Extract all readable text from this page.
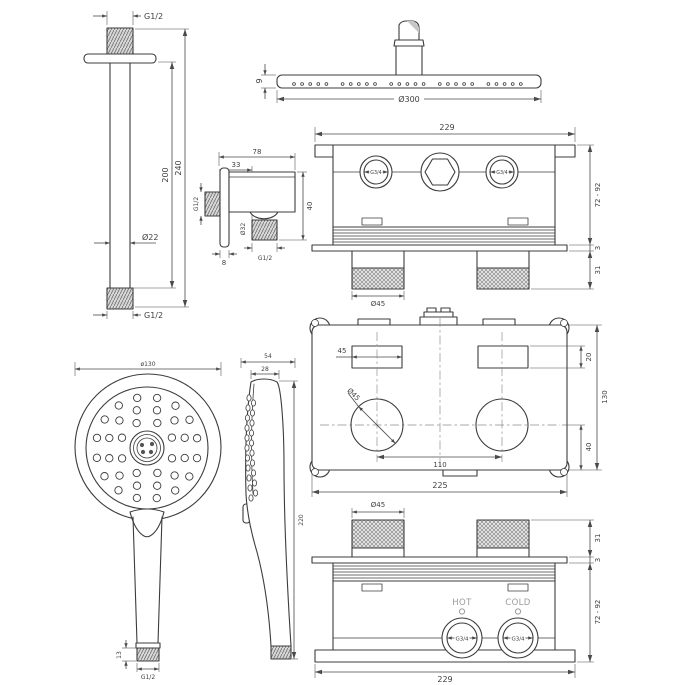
G1/2
240
200
Ø22
G1/2
9
Ø300
78
33
G1/2
Ø32
8
G1/2
40
229
G3/4	G3/4
Ø45
72 - 92
3
31
45
Ø45
110
225
20
40
130
Ø45
HOT	COLD
G3/4	G3/4
229
31
3
72 - 92
ø130
13
G1/2
54
28
220
